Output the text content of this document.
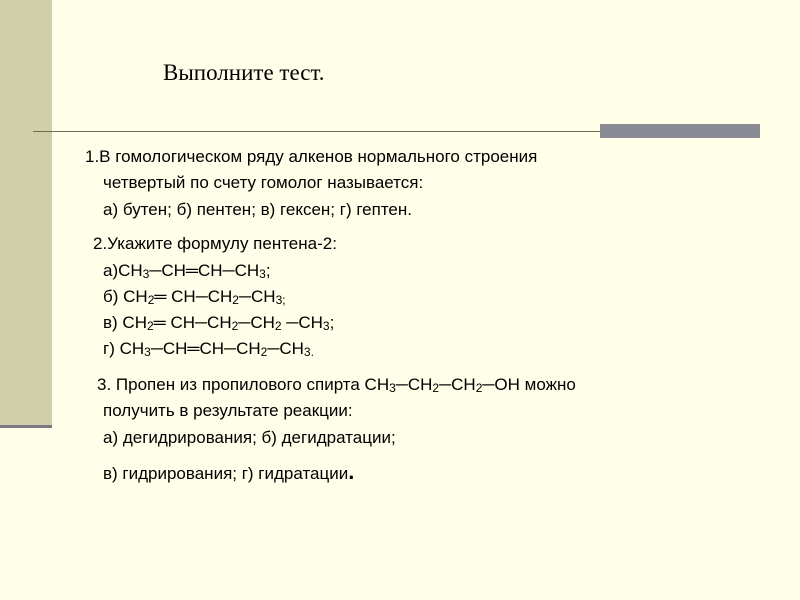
Выполните тест.
1.В гомологическом ряду алкенов нормального строения
четвертый по счету гомолог называется:
а) бутен; б) пентен; в) гексен; г) гептен.
2.Укажите формулу пентена-2:
$а)CH_3─CH═CH─CH_3$;
б) $CH_2═$ $CH─CH_2─CH_{3;}$
в) $CH_2═$ $CH─CH_2─CH_2$ $─CH_3$;
г) $CH_3─CH═CH─CH_2─CH_{3.}$
3. Пропен из пропилового спирта $CH_3─CH_2─CH_2─OH$ можно
получить в результате реакции:
а) дегидрирования; б) дегидратации;
в) гидрирования; г) гидратации.
